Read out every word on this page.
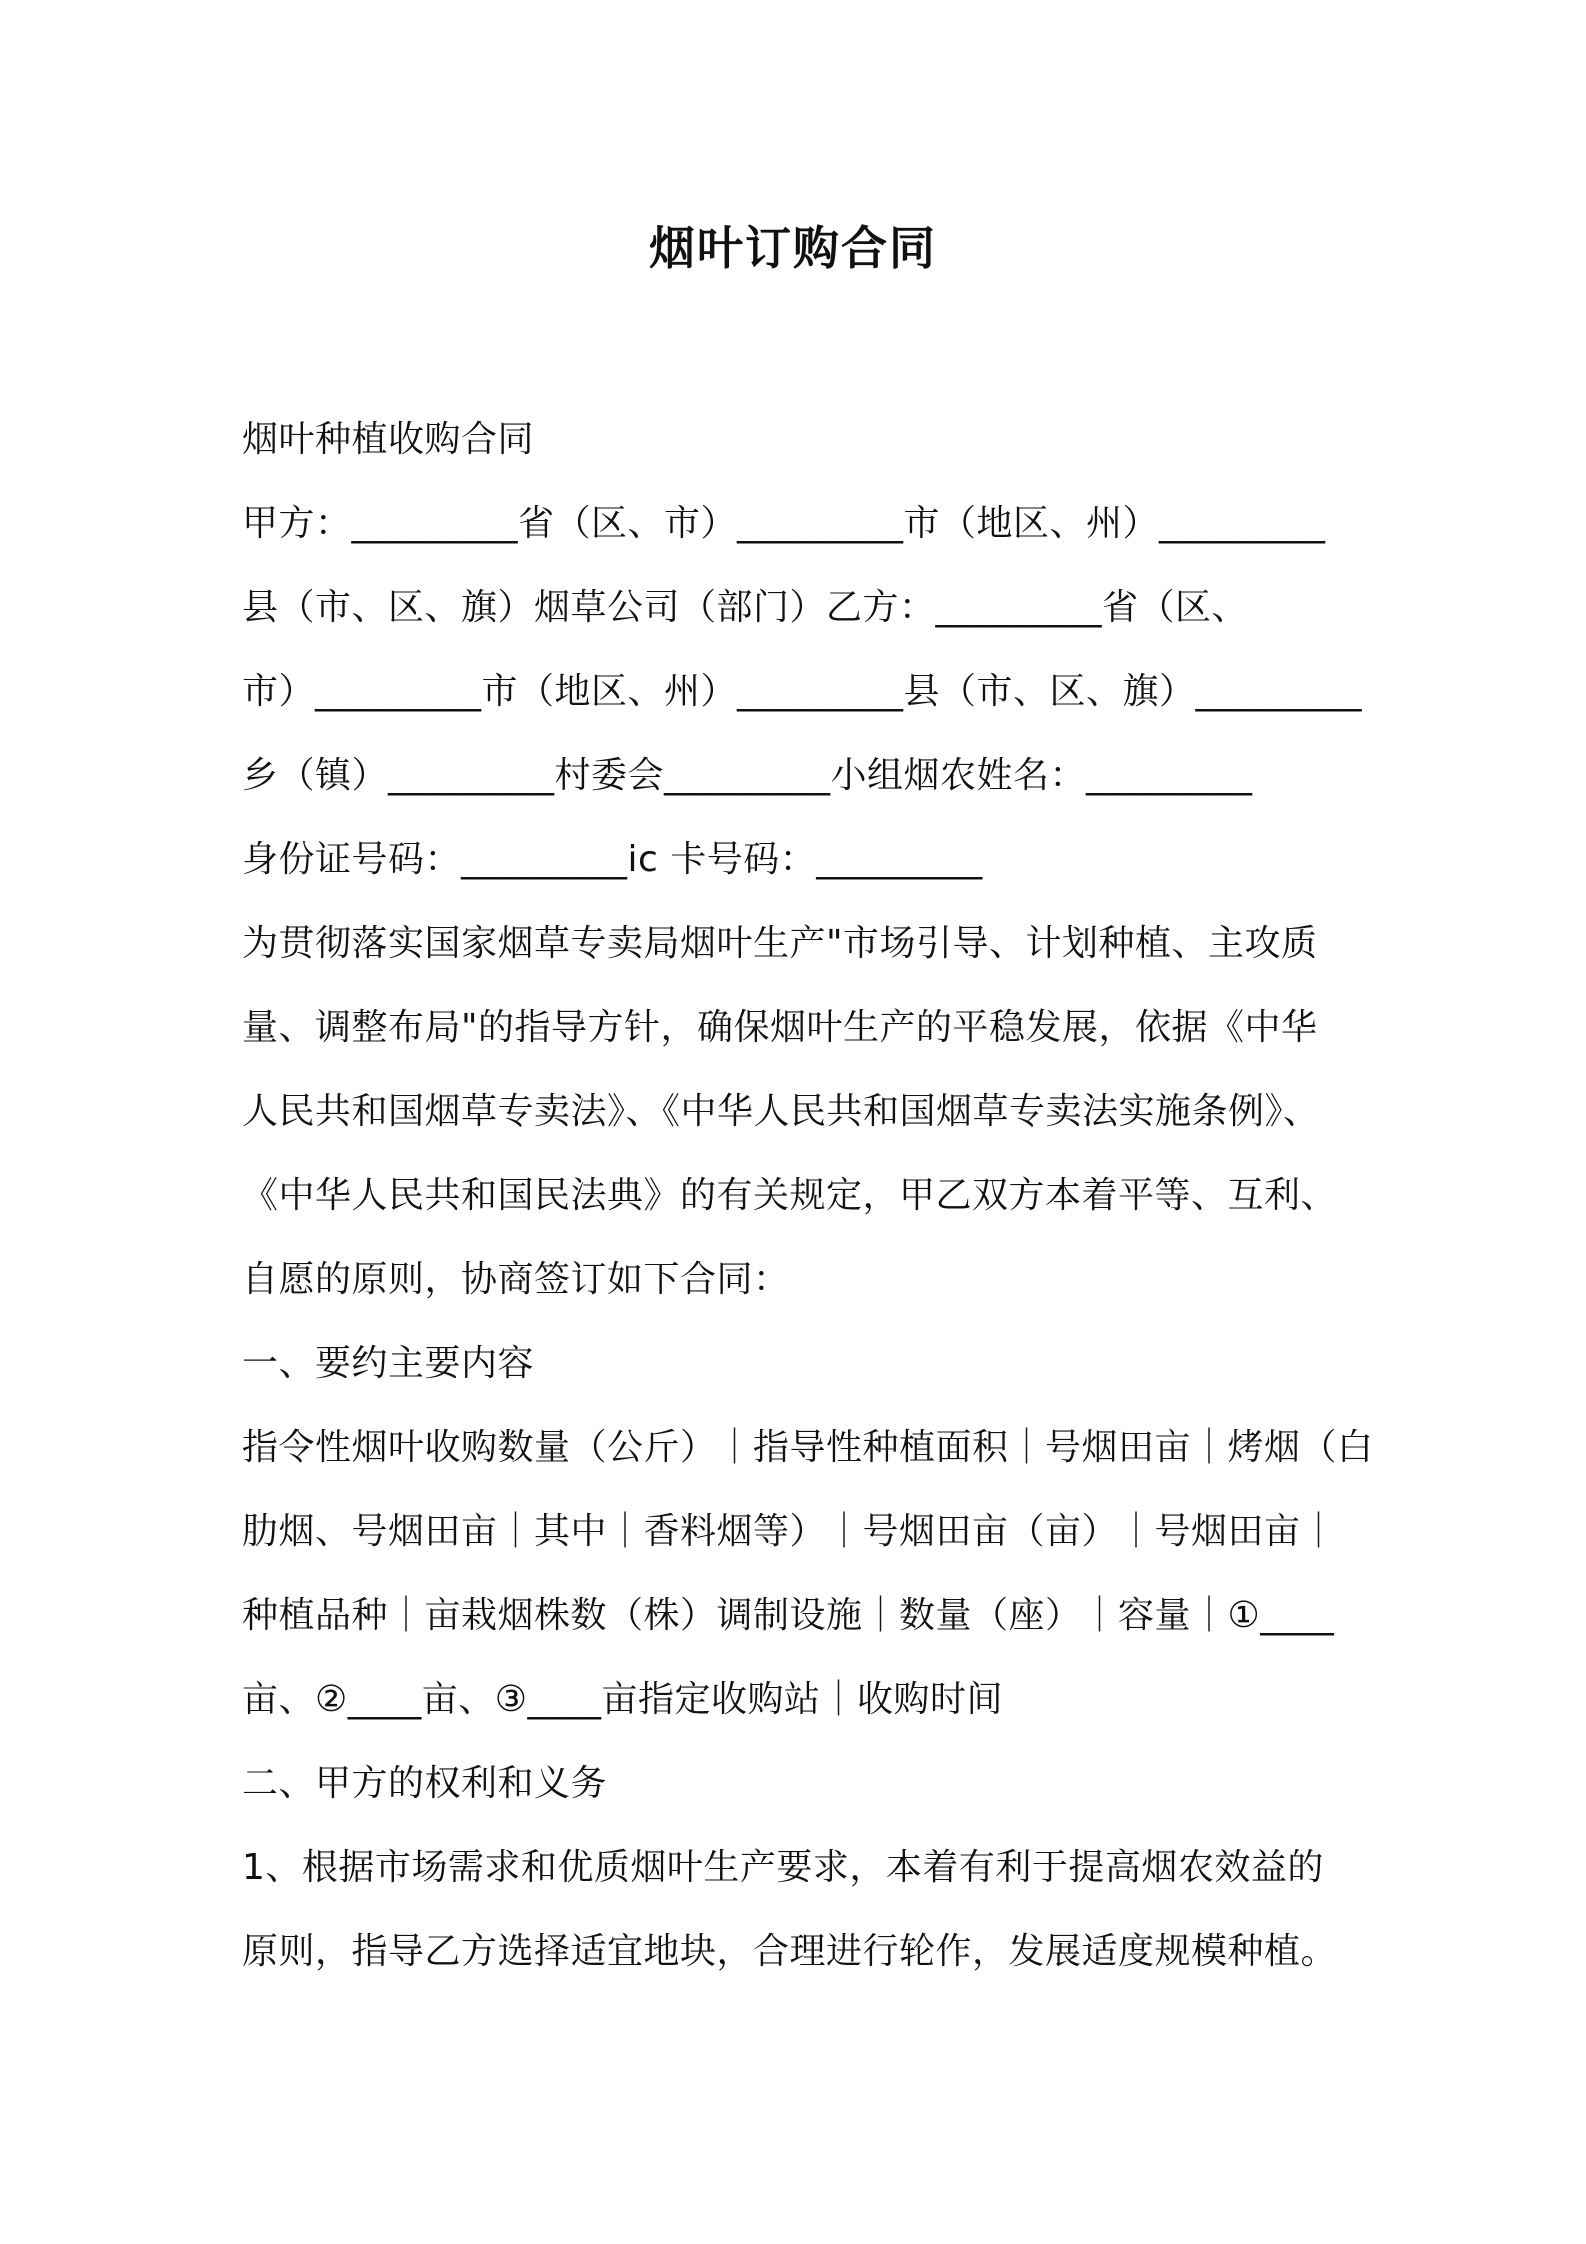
烟叶订购合同
烟叶种植收购合同
甲方：_________省（区、市）_________市（地区、州）_________
县（市、区、旗）烟草公司（部门）乙方：_________省（区、
市）_________市（地区、州）_________县（市、区、旗）_________
乡（镇）_________村委会_________小组烟农姓名：_________
身份证号码：_________ic 卡号码：_________
为贯彻落实国家烟草专卖局烟叶生产"市场引导、计划种植、主攻质
量、调整布局"的指导方针，确保烟叶生产的平稳发展，依据《中华
人民共和国烟草专卖法》、《中华人民共和国烟草专卖法实施条例》、
《中华人民共和国民法典》的有关规定，甲乙双方本着平等、互利、
自愿的原则，协商签订如下合同：
一、要约主要内容
指令性烟叶收购数量（公斤）｜指导性种植面积｜号烟田亩｜烤烟（白
肋烟、号烟田亩｜其中｜香料烟等）｜号烟田亩（亩）｜号烟田亩｜
种植品种｜亩栽烟株数（株）调制设施｜数量（座）｜容量｜①____
亩、②____亩、③____亩指定收购站｜收购时间
二、甲方的权利和义务
1、根据市场需求和优质烟叶生产要求，本着有利于提高烟农效益的
原则，指导乙方选择适宜地块，合理进行轮作，发展适度规模种植。
